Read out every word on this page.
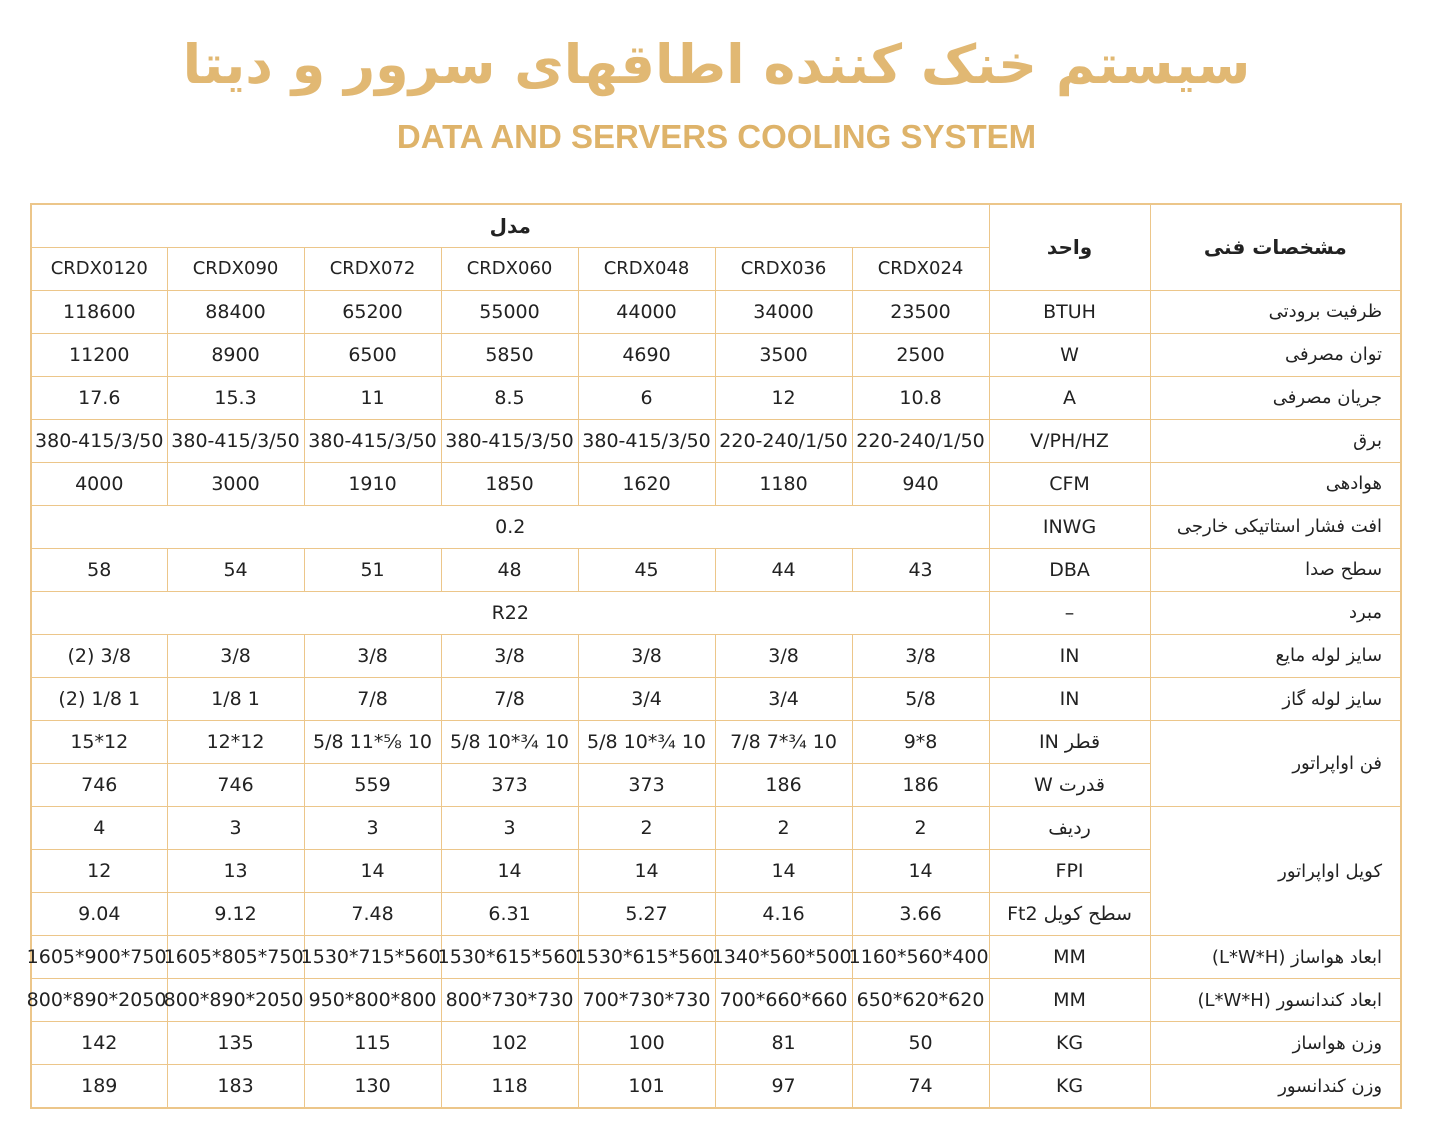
سیستم خنک کننده اطاقهای سرور و دیتا
DATA AND SERVERS COOLING SYSTEM
مشخصات فنی	واحد	مدل						
		CRDX024	CRDX036	CRDX048	CRDX060	CRDX072	CRDX090	CRDX0120
ظرفیت برودتی	BTUH	23500	34000	44000	55000	65200	88400	118600
توان مصرفی	W	2500	3500	4690	5850	6500	8900	11200
جریان مصرفی	A	10.8	12	6	8.5	11	15.3	17.6
برق	V/PH/HZ	220-240/1/50	220-240/1/50	380-415/3/50	380-415/3/50	380-415/3/50	380-415/3/50	380-415/3/50
هوادهی	CFM	940	1180	1620	1850	1910	3000	4000
افت فشار استاتیکی خارجی	INWG	0.2						
سطح صدا	DBA	43	44	45	48	51	54	58
مبرد	–	R22						
سایز لوله مایع	IN	3/8	3/8	3/8	3/8	3/8	3/8	3/8 (2)
سایز لوله گاز	IN	5/8	3/4	3/4	7/8	7/8	1 1/8	1 1/8 (2)
فن اواپراتور	قطر IN	8*9	10 ¾*7 7/8	10 ¾*10 5/8	10 ¾*10 5/8	10 ⅝*11 5/8	12*12	12*15
	قدرت W	186	186	373	373	559	746	746
کویل اواپراتور	ردیف	2	2	2	3	3	3	4
	FPI	14	14	14	14	14	13	12
	سطح کویل Ft2	3.66	4.16	5.27	6.31	7.48	9.12	9.04
ابعاد هواساز (L*W*H)	MM	400*560*1160	500*560*1340	560*615*1530	560*615*1530	560*715*1530	750*805*1605	750*900*1605
ابعاد کندانسور (L*W*H)	MM	620*620*650	660*660*700	730*730*700	730*730*800	800*800*950	2050*890*800	2050*890*800
وزن هواساز	KG	50	81	100	102	115	135	142
وزن کندانسور	KG	74	97	101	118	130	183	189
